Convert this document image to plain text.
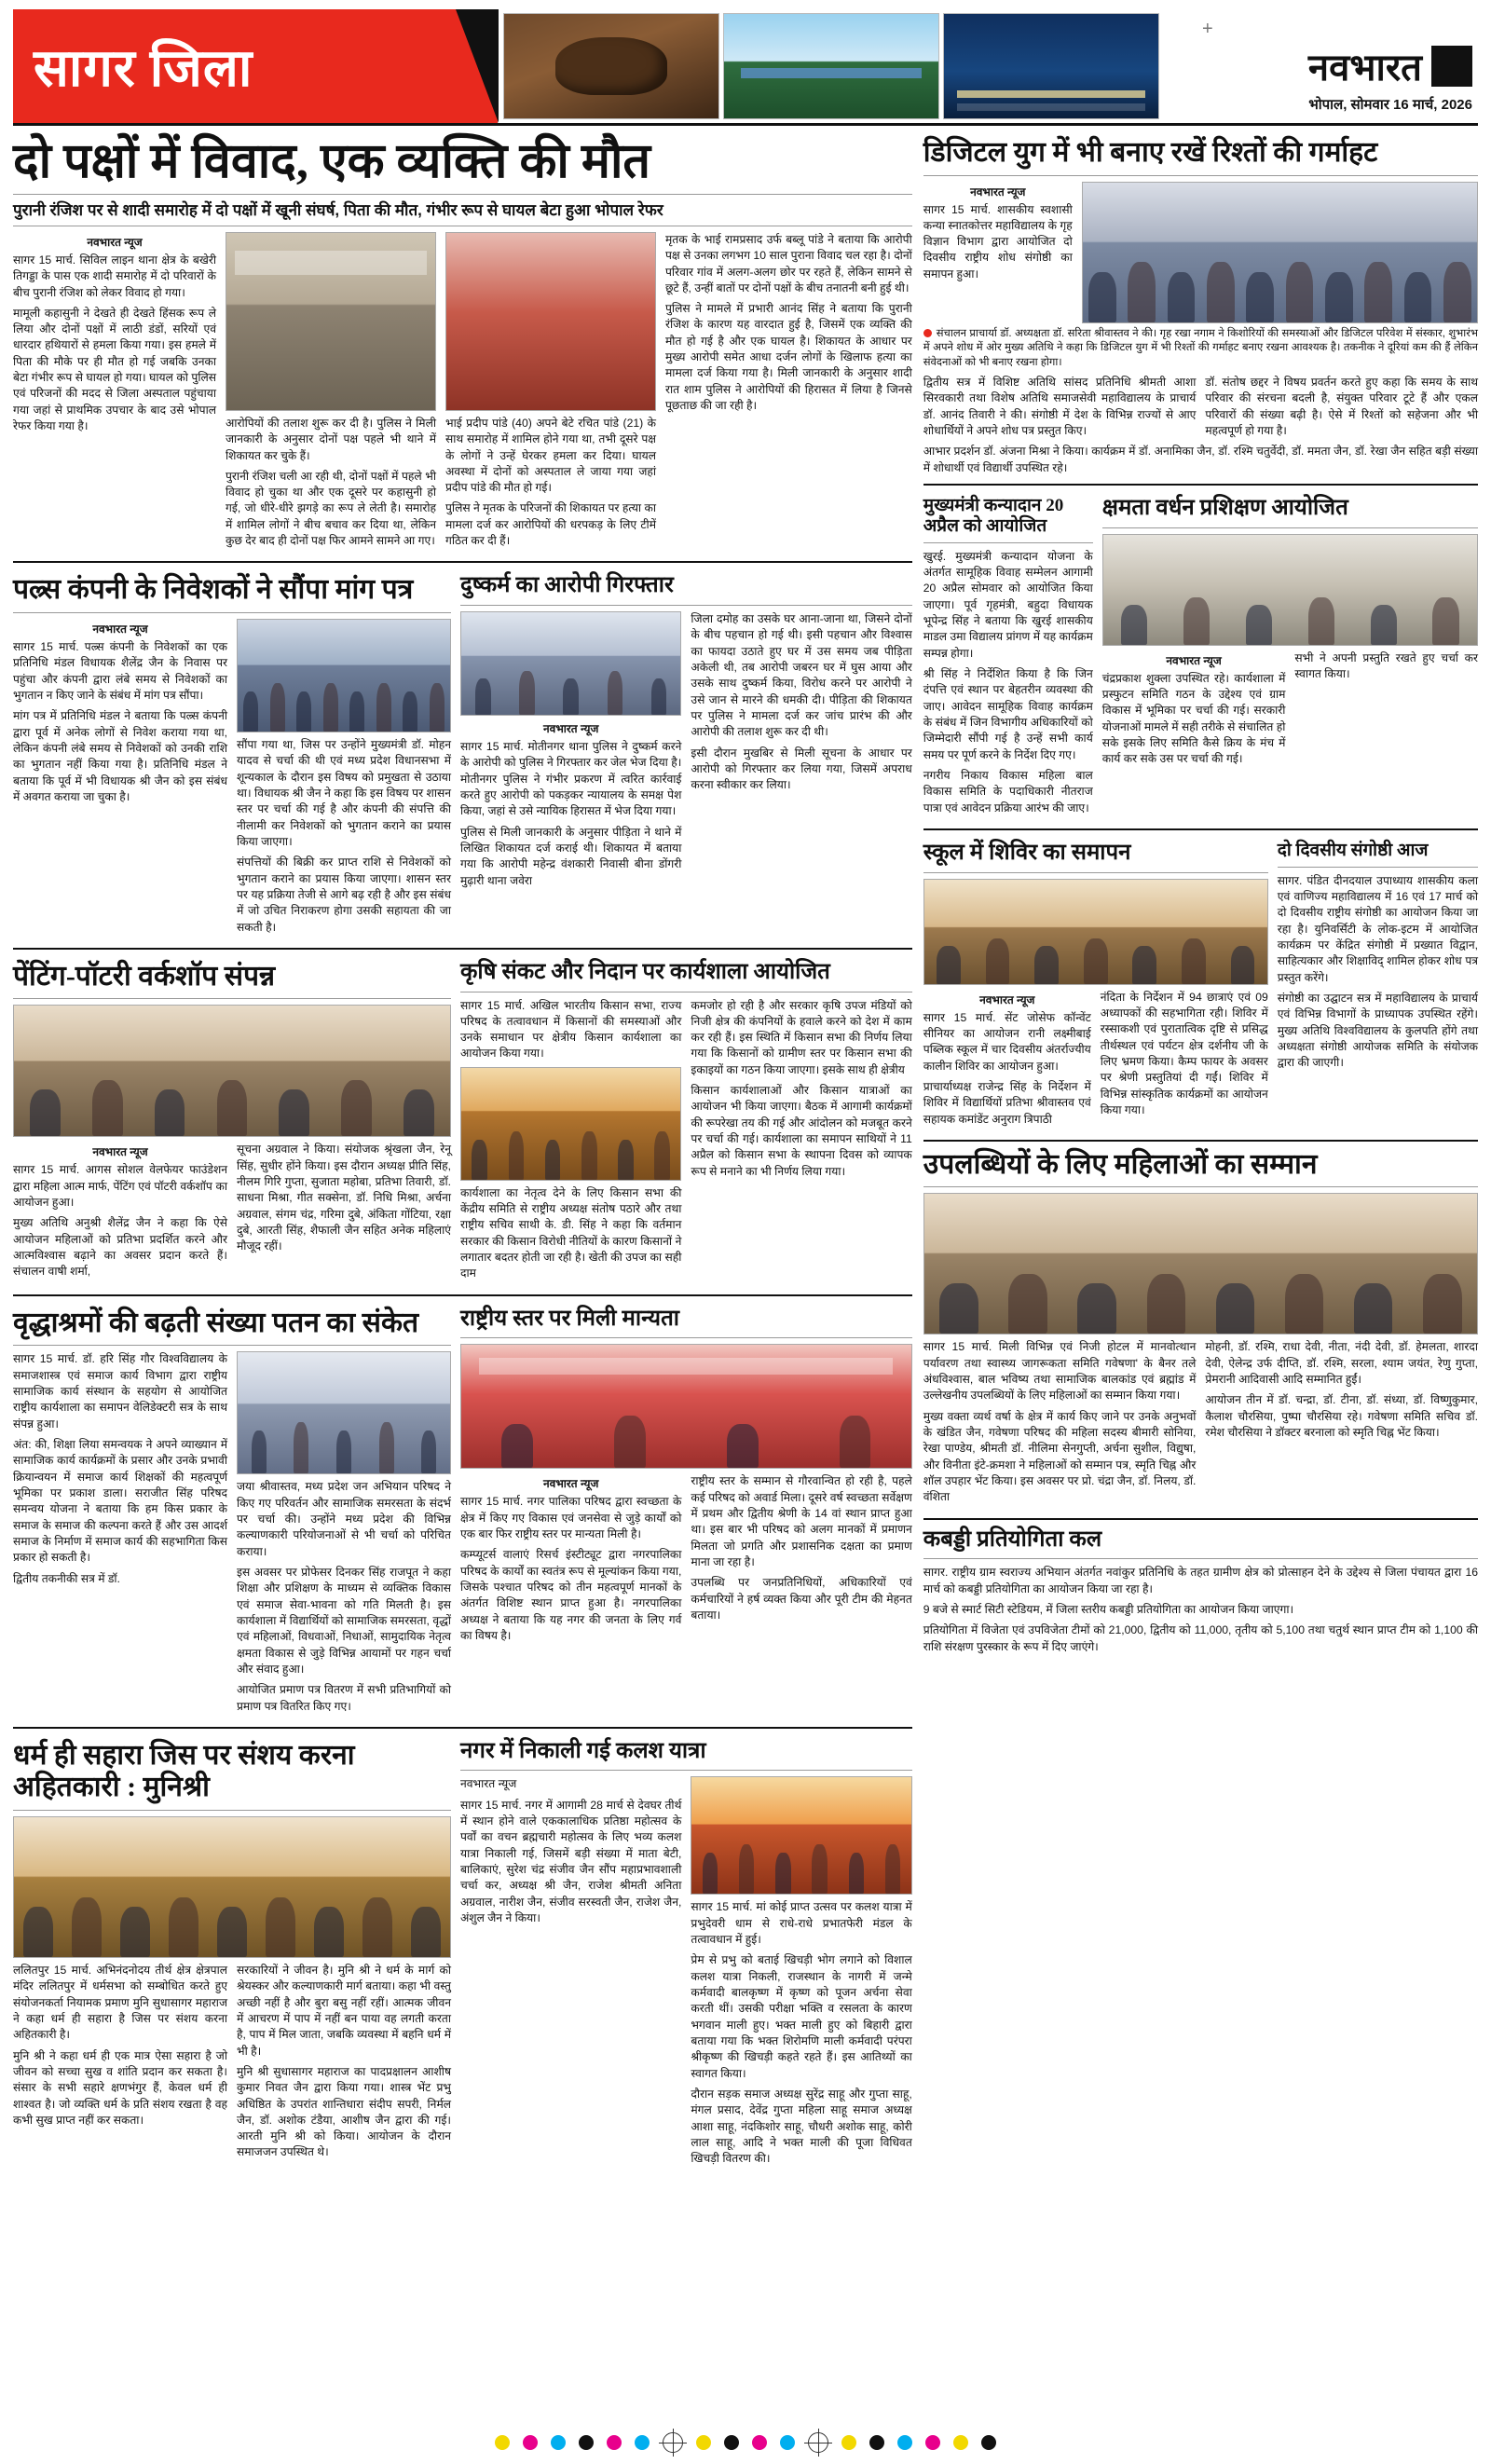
सागर जिला
+
नवभारत
भोपाल, सोमवार 16 मार्च, 2026
दो पक्षों में विवाद, एक व्यक्ति की मौत
पुरानी रंजिश पर से शादी समारोह में दो पक्षों में खूनी संघर्ष, पिता की मौत, गंभीर रूप से घायल बेटा हुआ भोपाल रेफर
नवभारत न्यूज

सागर 15 मार्च. सिविल लाइन थाना क्षेत्र के बखेरी तिगड्डा के पास एक शादी समारोह में दो परिवारों के बीच पुरानी रंजिश को लेकर विवाद हो गया।

मामूली कहासुनी ने देखते ही देखते हिंसक रूप ले लिया और दोनों पक्षों में लाठी डंडों, सरियों एवं धारदार हथियारों से हमला किया गया। इस हमले में पिता की मौके पर ही मौत हो गई जबकि उनका बेटा गंभीर रूप से घायल हो गया। घायल को पुलिस एवं परिजनों की मदद से जिला अस्पताल पहुंचाया गया जहां से प्राथमिक उपचार के बाद उसे भोपाल रेफर किया गया है।	आरोपियों की तलाश शुरू कर दी है। पुलिस ने मिली जानकारी के अनुसार दोनों पक्ष पहले भी थाने में शिकायत कर चुके हैं।

पुरानी रंजिश चली आ रही थी, दोनों पक्षों में पहले भी विवाद हो चुका था और एक दूसरे पर कहासुनी हो गई, जो धीरे-धीरे झगड़े का रूप ले लेती है। समारोह में शामिल लोगों ने बीच बचाव कर दिया था, लेकिन कुछ देर बाद ही दोनों पक्ष फिर आमने सामने आ गए।

भाई प्रदीप पांडे (40) अपने बेटे रचित पांडे (21) के साथ समारोह में शामिल होने गया था, तभी दूसरे पक्ष के लोगों ने उन्हें घेरकर हमला कर दिया। घायल अवस्था में दोनों को अस्पताल ले जाया गया जहां प्रदीप पांडे की मौत हो गई।

पुलिस ने मृतक के परिजनों की शिकायत पर हत्या का मामला दर्ज कर आरोपियों की धरपकड़ के लिए टीमें गठित कर दी हैं।

मृतक के भाई रामप्रसाद उर्फ बब्लू पांडे ने बताया कि आरोपी पक्ष से उनका लगभग 10 साल पुराना विवाद चल रहा है। दोनों परिवार गांव में अलग-अलग छोर पर रहते हैं, लेकिन सामने से छूटे हैं, उन्हीं बातों पर दोनों पक्षों के बीच तनातनी बनी हुई थी।

पुलिस ने मामले में प्रभारी आनंद सिंह ने बताया कि पुरानी रंजिश के कारण यह वारदात हुई है, जिसमें एक व्यक्ति की मौत हो गई है और एक घायल है। शिकायत के आधार पर मुख्य आरोपी समेत आधा दर्जन लोगों के खिलाफ हत्या का मामला दर्ज किया गया है। मिली जानकारी के अनुसार शादी रात शाम पुलिस ने आरोपियों की हिरासत में लिया है जिनसे पूछताछ की जा रही है।

पल्र्स कंपनी के निवेशकों ने सौंपा मांग पत्र
नवभारत न्यूज

सागर 15 मार्च. पल्र्स कंपनी के निवेशकों का एक प्रतिनिधि मंडल विधायक शैलेंद्र जैन के निवास पर पहुंचा और कंपनी द्वारा लंबे समय से निवेशकों का भुगतान न किए जाने के संबंध में मांग पत्र सौंपा।

मांग पत्र में प्रतिनिधि मंडल ने बताया कि पल्र्स कंपनी द्वारा पूर्व में अनेक लोगों से निवेश कराया गया था, लेकिन कंपनी लंबे समय से निवेशकों को उनकी राशि का भुगतान नहीं किया गया है। प्रतिनिधि मंडल ने बताया कि पूर्व में भी विधायक श्री जैन को इस संबंध में अवगत कराया जा चुका है।

सौंपा गया था, जिस पर उन्होंने मुख्यमंत्री डॉ. मोहन यादव से चर्चा की थी एवं मध्य प्रदेश विधानसभा में शून्यकाल के दौरान इस विषय को प्रमुखता से उठाया था। विधायक श्री जैन ने कहा कि इस विषय पर शासन स्तर पर चर्चा की गई है और कंपनी की संपत्ति की नीलामी कर निवेशकों को भुगतान कराने का प्रयास किया जाएगा।

संपत्तियों की बिक्री कर प्राप्त राशि से निवेशकों को भुगतान कराने का प्रयास किया जाएगा। शासन स्तर पर यह प्रक्रिया तेजी से आगे बढ़ रही है और इस संबंध में जो उचित निराकरण होगा उसकी सहायता की जा सकती है।

दुष्कर्म का आरोपी गिरफ्तार
नवभारत न्यूज

सागर 15 मार्च. मोतीनगर थाना पुलिस ने दुष्कर्म करने के आरोपी को पुलिस ने गिरफ्तार कर जेल भेज दिया है। मोतीनगर पुलिस ने गंभीर प्रकरण में त्वरित कार्रवाई करते हुए आरोपी को पकड़कर न्यायालय के समक्ष पेश किया, जहां से उसे न्यायिक हिरासत में भेज दिया गया।

पुलिस से मिली जानकारी के अनुसार पीड़िता ने थाने में लिखित शिकायत दर्ज कराई थी। शिकायत में बताया गया कि आरोपी महेन्द्र वंशकारी निवासी बीना डोंगरी मुढ़ारी थाना जवेरा

जिला दमोह का उसके घर आना-जाना था, जिसने दोनों के बीच पहचान हो गई थी। इसी पहचान और विश्वास का फायदा उठाते हुए घर में उस समय जब पीड़िता अकेली थी, तब आरोपी जबरन घर में घुस आया और उसके साथ दुष्कर्म किया, विरोध करने पर आरोपी ने उसे जान से मारने की धमकी दी। पीड़िता की शिकायत पर पुलिस ने मामला दर्ज कर जांच प्रारंभ की और आरोपी की तलाश शुरू कर दी थी।

इसी दौरान मुखबिर से मिली सूचना के आधार पर आरोपी को गिरफ्तार कर लिया गया, जिसमें अपराध करना स्वीकार कर लिया।

पेंटिंग-पॉटरी वर्कशॉप संपन्न
नवभारत न्यूज

सागर 15 मार्च. आगस सोशल वेलफेयर फाउंडेशन द्वारा महिला आत्म मार्फ, पेंटिंग एवं पॉटरी वर्कशॉप का आयोजन हुआ।

मुख्य अतिथि अनुश्री शैलेंद्र जैन ने कहा कि ऐसे आयोजन महिलाओं को प्रतिभा प्रदर्शित करने और आत्मविश्वास बढ़ाने का अवसर प्रदान करते हैं। संचालन वाषी शर्मा,

सूचना अग्रवाल ने किया। संयोजक श्रृंखला जैन, रेनू सिंह, सुधीर होंने किया। इस दौरान अध्यक्ष प्रीति सिंह, नीलम गिरि गुप्ता, सुजाता महोबा, प्रतिभा तिवारी, डॉ. साधना मिश्रा, गीत सक्सेना, डॉ. निधि मिश्रा, अर्चना अग्रवाल, संगम चंद्र, गरिमा दुबे, अंकिता गोंटिया, रक्षा दुबे, आरती सिंह, शैफाली जैन सहित अनेक महिलाएं मौजूद रहीं।

कृषि संकट और निदान पर कार्यशाला आयोजित

सागर 15 मार्च. अखिल भारतीय किसान सभा, राज्य परिषद के तत्वावधान में किसानों की समस्याओं और उनके समाधान पर क्षेत्रीय किसान कार्यशाला का आयोजन किया गया।

कार्यशाला का नेतृत्व देने के लिए किसान सभा की केंद्रीय समिति से राष्ट्रीय अध्यक्ष संतोष पठारे और तथा राष्ट्रीय सचिव साथी के. डी. सिंह ने कहा कि वर्तमान सरकार की किसान विरोधी नीतियों के कारण किसानों ने लगातार बदतर होती जा रही है। खेती की उपज का सही दाम

कमजोर हो रही है और सरकार कृषि उपज मंडियों को निजी क्षेत्र की कंपनियों के हवाले करने को देश में काम कर रही हैं। इस स्थिति में किसान सभा की निर्णय लिया गया कि किसानों को ग्रामीण स्तर पर किसान सभा की इकाइयों का गठन किया जाएगा। इसके साथ ही क्षेत्रीय

किसान कार्यशालाओं और किसान यात्राओं का आयोजन भी किया जाएगा। बैठक में आगामी कार्यक्रमों की रूपरेखा तय की गई और आंदोलन को मजबूत करने पर चर्चा की गई। कार्यशाला का समापन साथियों ने 11 अप्रैल को किसान सभा के स्थापना दिवस को व्यापक रूप से मनाने का भी निर्णय लिया गया।

वृद्धाश्रमों की बढ़ती संख्या पतन का संकेत

सागर 15 मार्च. डॉ. हरि सिंह गौर विश्वविद्यालय के समाजशास्त्र एवं समाज कार्य विभाग द्वारा राष्ट्रीय सामाजिक कार्य संस्थान के सहयोग से आयोजित राष्ट्रीय कार्यशाला का समापन वेलिडेक्टरी सत्र के साथ संपन्न हुआ।

अंत: की, शिक्षा लिया समन्वयक ने अपने व्याख्यान में सामाजिक कार्य कार्यक्रमों के प्रसार और उनके प्रभावी क्रियान्वयन में समाज कार्य शिक्षकों की महत्वपूर्ण भूमिका पर प्रकाश डाला। सराजीत सिंह परिषद समन्वय योजना ने बताया कि हम किस प्रकार के समाज के समाज की कल्पना करते हैं और उस आदर्श समाज के निर्माण में समाज कार्य की सहभागिता किस प्रकार हो सकती है।

द्वितीय तकनीकी सत्र में डॉ.

जया श्रीवास्तव, मध्य प्रदेश जन अभियान परिषद ने किए गए परिवर्तन और सामाजिक समरसता के संदर्भ पर चर्चा की। उन्होंने मध्य प्रदेश की विभिन्न कल्याणकारी परियोजनाओं से भी चर्चा को परिचित कराया।

इस अवसर पर प्रोफेसर दिनकर सिंह राजपूत ने कहा शिक्षा और प्रशिक्षण के माध्यम से व्यक्तिक विकास एवं समाज सेवा-भावना को गति मिलती है। इस कार्यशाला में विद्यार्थियों को सामाजिक समरसता, वृद्धों एवं महिलाओं, विधवाओं, निधाओं, सामुदायिक नेतृत्व क्षमता विकास से जुड़े विभिन्न आयामों पर गहन चर्चा और संवाद हुआ।

आयोजित प्रमाण पत्र वितरण में सभी प्रतिभागियों को प्रमाण पत्र वितरित किए गए।

राष्ट्रीय स्तर पर मिली मान्यता
नवभारत न्यूज

सागर 15 मार्च. नगर पालिका परिषद द्वारा स्वच्छता के क्षेत्र में किए गए विकास एवं जनसेवा से जुड़े कार्यों को एक बार फिर राष्ट्रीय स्तर पर मान्यता मिली है।

कम्प्यूटर्स वालाएं रिसर्च इंस्टीट्यूट द्वारा नगरपालिका परिषद के कार्यों का स्वतंत्र रूप से मूल्यांकन किया गया, जिसके पश्चात परिषद को तीन महत्वपूर्ण मानकों के अंतर्गत विशिष्ट स्थान प्राप्त हुआ है। नगरपालिका अध्यक्ष ने बताया कि यह नगर की जनता के लिए गर्व का विषय है।

राष्ट्रीय स्तर के सम्मान से गौरवान्वित हो रही है, पहले कई परिषद को अवार्ड मिला। दूसरे वर्ष स्वच्छता सर्वेक्षण में प्रथम और द्वितीय श्रेणी के 14 वां स्थान प्राप्त हुआ था। इस बार भी परिषद को अलग मानकों में प्रमाणन मिलता जो प्रगति और प्रशासनिक दक्षता का प्रमाण माना जा रहा है।

उपलब्धि पर जनप्रतिनिधियों, अधिकारियों एवं कर्मचारियों ने हर्ष व्यक्त किया और पूरी टीम की मेहनत बताया।

धर्म ही सहारा जिस पर संशय करना अहितकारी : मुनिश्री

ललितपुर 15 मार्च. अभिनंदनोदय तीर्थ क्षेत्र क्षेत्रपाल मंदिर ललितपुर में धर्मसभा को सम्बोधित करते हुए संयोजनकर्ता नियामक प्रमाण मुनि सुधासागर महाराज ने कहा धर्म ही सहारा है जिस पर संशय करना अहितकारी है।

मुनि श्री ने कहा धर्म ही एक मात्र ऐसा सहारा है जो जीवन को सच्चा सुख व शांति प्रदान कर सकता है। संसार के सभी सहारे क्षणभंगुर हैं, केवल धर्म ही शाश्वत है। जो व्यक्ति धर्म के प्रति संशय रखता है वह कभी सुख प्राप्त नहीं कर सकता।

सरकारियों ने जीवन है। मुनि श्री ने धर्म के मार्ग को श्रेयस्कर और कल्याणकारी मार्ग बताया। कहा भी वस्तु अच्छी नहीं है और बुरा बसु नहीं रहीं। आत्मक जीवन में आचरण में पाप में नहीं बन पाया वह लगती करता है, पाप में मिल जाता, जबकि व्यवस्था में बहनि धर्म में भी है।

मुनि श्री सुधासागर महाराज का पादप्रक्षालन आशीष कुमार निवत जैन द्वारा किया गया। शास्त्र भेंट प्रभु अधिष्ठित के उपरांत शान्तिधारा संदीप सपरी, निर्मल जैन, डॉ. अशोक टंडैया, आशीष जैन द्वारा की गई। आरती मुनि श्री को किया। आयोजन के दौरान समाजजन उपस्थित थे।

नगर में निकाली गई कलश यात्रा

नवभारत न्यूज

सागर 15 मार्च. नगर में आगामी 28 मार्च से देवघर तीर्थ में स्थान होने वाले एककालाधिक प्रतिष्ठा महोत्सव के पर्वों का वचन ब्रह्मचारी महोत्सव के लिए भव्य कलश यात्रा निकाली गई, जिसमें बड़ी संख्या में माता बेटी, बालिकाएं, सुरेश चंद्र संजीव जैन सौंप महाप्रभावशाली चर्चा कर, अध्यक्ष श्री जैन, राजेश श्रीमती अनिता अग्रवाल, नारीश जैन, संजीव सरस्वती जैन, राजेश जैन, अंशुल जैन ने किया।

सागर 15 मार्च. मां कोई प्राप्त उत्सव पर कलश यात्रा में प्रभुदेवरी धाम से राधे-राधे प्रभातफेरी मंडल के तत्वावधान में हुई।

प्रेम से प्रभु को बताई खिचड़ी भोग लगाने को विशाल कलश यात्रा निकली, राजस्थान के नागरी में जन्मे कर्मवादी बालकृष्ण में कृष्ण को पूजन अर्चना सेवा करती थीं। उसकी परीक्षा भक्ति व रसलता के कारण भगवान माली हुए। भक्त माली हुए को बिहारी द्वारा बताया गया कि भक्त शिरोमणि माली कर्मवादी परंपरा श्रीकृष्ण की खिचड़ी कहते रहते हैं। इस आतिथ्यों का स्वागत किया।

दौरान सड़क समाज अध्यक्ष सुरेंद्र साहू और गुप्ता साहू, मंगल प्रसाद, देवेंद्र गुप्ता महिला साहू समाज अध्यक्ष आशा साहू, नंदकिशोर साहू, चौधरी अशोक साहू, कोरी लाल साहू, आदि ने भक्त माली की पूजा विधिवत खिचड़ी वितरण की।

डिजिटल युग में भी बनाए रखें रिश्तों की गर्माहट
नवभारत न्यूज

सागर 15 मार्च. शासकीय स्वशासी कन्या स्नातकोत्तर महाविद्यालय के गृह विज्ञान विभाग द्वारा आयोजित दो दिवसीय राष्ट्रीय शोध संगोष्ठी का समापन हुआ।

संचालन प्राचार्या डॉ. अध्यक्षता डॉ. सरिता श्रीवास्तव ने की। गृह रखा नगाम ने किशोरियों की समस्याओं और डिजिटल परिवेश में संस्कार, शुभारंभ में अपने शोध में ओर मुख्य अतिथि ने कहा कि डिजिटल युग में भी रिश्तों की गर्माहट बनाए रखना आवश्यक है। तकनीक ने दूरियां कम की हैं लेकिन संवेदनाओं को भी बनाए रखना होगा।

द्वितीय सत्र में विशिष्ट अतिथि सांसद प्रतिनिधि श्रीमती आशा सिरवकारी तथा विशेष अतिथि समाजसेवी महाविद्यालय के प्राचार्य डॉ. आनंद तिवारी ने की। संगोष्ठी में देश के विभिन्न राज्यों से आए शोधार्थियों ने अपने शोध पत्र प्रस्तुत किए।

डॉ. संतोष छद्दर ने विषय प्रवर्तन करते हुए कहा कि समय के साथ परिवार की संरचना बदली है, संयुक्त परिवार टूटे हैं और एकल परिवारों की संख्या बढ़ी है। ऐसे में रिश्तों को सहेजना और भी महत्वपूर्ण हो गया है।

आभार प्रदर्शन डॉ. अंजना मिश्रा ने किया। कार्यक्रम में डॉ. अनामिका जैन, डॉ. रश्मि चतुर्वेदी, डॉ. ममता जैन, डॉ. रेखा जैन सहित बड़ी संख्या में शोधार्थी एवं विद्यार्थी उपस्थित रहे।

मुख्यमंत्री कन्यादान 20 अप्रैल को आयोजित

खुरई. मुख्यमंत्री कन्यादान योजना के अंतर्गत सामूहिक विवाह सम्मेलन आगामी 20 अप्रैल सोमवार को आयोजित किया जाएगा। पूर्व गृहमंत्री, बहुदा विधायक भूपेन्द्र सिंह ने बताया कि खुरई शासकीय माडल उमा विद्यालय प्रांगण में यह कार्यक्रम सम्पन्न होगा।

श्री सिंह ने निर्देशित किया है कि जिन दंपत्ति एवं स्थान पर बेहतरीन व्यवस्था की जाए। आवेदन सामूहिक विवाह कार्यक्रम के संबंध में जिन विभागीय अधिकारियों को जिम्मेदारी सौंपी गई है उन्हें सभी कार्य समय पर पूर्ण करने के निर्देश दिए गए।

नगरीय निकाय विकास महिला बाल विकास समिति के पदाधिकारी नीतराज पात्रा एवं आवेदन प्रक्रिया आरंभ की जाए।

क्षमता वर्धन प्रशिक्षण आयोजित
नवभारत न्यूज

चंद्रप्रकाश शुक्ला उपस्थित रहे। कार्यशाला में प्रस्फुटन समिति गठन के उद्देश्य एवं ग्राम विकास में भूमिका पर चर्चा की गई। सरकारी योजनाओं मामले में सही तरीके से संचालित हो सके इसके लिए समिति कैसे क्रिय के मंच में कार्य कर सके उस पर चर्चा की गई।

सभी ने अपनी प्रस्तुति रखते हुए चर्चा कर स्वागत किया।

स्कूल में शिविर का समापन
नवभारत न्यूज

सागर 15 मार्च. सेंट जोसेफ कॉन्वेंट सीनियर का आयोजन रानी लक्ष्मीबाई पब्लिक स्कूल में चार दिवसीय अंतर्राज्यीय कालीन शिविर का आयोजन हुआ।

प्राचार्याध्यक्ष राजेन्द्र सिंह के निर्देशन में शिविर में विद्यार्थियों प्रतिभा श्रीवास्तव एवं सहायक कमांडेंट अनुराग त्रिपाठी

नंदिता के निर्देशन में 94 छात्राएं एवं 09 अध्यापकों की सहभागिता रही। शिविर में रस्साकशी एवं पुरातात्विक दृष्टि से प्रसिद्ध तीर्थस्थल एवं पर्यटन क्षेत्र दर्शनीय जी के लिए भ्रमण किया। कैम्प फायर के अवसर पर श्रेणी प्रस्तुतियां दी गईं। शिविर में विभिन्न सांस्कृतिक कार्यक्रमों का आयोजन किया गया।

दो दिवसीय संगोष्ठी आज

सागर. पंडित दीनदयाल उपाध्याय शासकीय कला एवं वाणिज्य महाविद्यालय में 16 एवं 17 मार्च को दो दिवसीय राष्ट्रीय संगोष्ठी का आयोजन किया जा रहा है। युनिवर्सिटी के लोक-इटम में आयोजित कार्यक्रम पर केंद्रित संगोष्ठी में प्रख्यात विद्वान, साहित्यकार और शिक्षाविद् शामिल होकर शोध पत्र प्रस्तुत करेंगे।

संगोष्ठी का उद्घाटन सत्र में महाविद्यालय के प्राचार्य एवं विभिन्न विभागों के प्राध्यापक उपस्थित रहेंगे। मुख्य अतिथि विश्वविद्यालय के कुलपति होंगे तथा अध्यक्षता संगोष्ठी आयोजक समिति के संयोजक द्वारा की जाएगी।

उपलब्धियों के लिए महिलाओं का सम्मान

सागर 15 मार्च. मिली विभिन्न एवं निजी होटल में मानवोत्थान पर्यावरण तथा स्वास्थ्य जागरूकता समिति गवेषणा' के बैनर तले अंधविश्वास, बाल भविष्य तथा सामाजिक बालकांड एवं ब्रह्मांड में उल्लेखनीय उपलब्धियों के लिए महिलाओं का सम्मान किया गया।

मुख्य वक्ता व्यर्थ वर्षा के क्षेत्र में कार्य किए जाने पर उनके अनुभवों के खंडित जैन, गवेषणा परिषद की महिला सदस्य बीमारी सोनिया, रेखा पाण्डेय, श्रीमती डॉ. नीलिमा सेनगुप्ती, अर्चना सुशील, विद्युषा, और विनीता इंटे-क्रमशा ने महिलाओं को सम्मान पत्र, स्मृति चिह्न और शॉल उपहार भेंट किया। इस अवसर पर प्रो. चंद्रा जैन, डॉ. निलय, डॉ. वंशिता

मोहनी, डॉ. रश्मि, राधा देवी, नीता, नंदी देवी, डॉ. हेमलता, शारदा देवी, ऐलेन्द्र उर्फ दीप्ति, डॉ. रश्मि, सरला, श्याम जयंत, रेणु गुप्ता, प्रेमरानी आदिवासी आदि सम्मानित हुईं।

आयोजन तीन में डॉ. चन्द्रा, डॉ. टीना, डॉ. संध्या, डॉ. विष्णुकुमार, कैलाश चौरसिया, पुष्पा चौरसिया रहे। गवेषणा समिति सचिव डॉ. रमेश चौरसिया ने डॉक्टर बरनाला को स्मृति चिह्न भेंट किया।

कबड्डी प्रतियोगिता कल

सागर. राष्ट्रीय ग्राम स्वराज्य अभियान अंतर्गत नवांकुर प्रतिनिधि के तहत ग्रामीण क्षेत्र को प्रोत्साहन देने के उद्देश्य से जिला पंचायत द्वारा 16 मार्च को कबड्डी प्रतियोगिता का आयोजन किया जा रहा है।

9 बजे से स्मार्ट सिटी स्टेडियम, में जिला स्तरीय कबड्डी प्रतियोगिता का आयोजन किया जाएगा।

प्रतियोगिता में विजेता एवं उपविजेता टीमों को 21,000, द्वितीय को 11,000, तृतीय को 5,100 तथा चतुर्थ स्थान प्राप्त टीम को 1,100 की राशि संरक्षण पुरस्कार के रूप में दिए जाएंगे।
